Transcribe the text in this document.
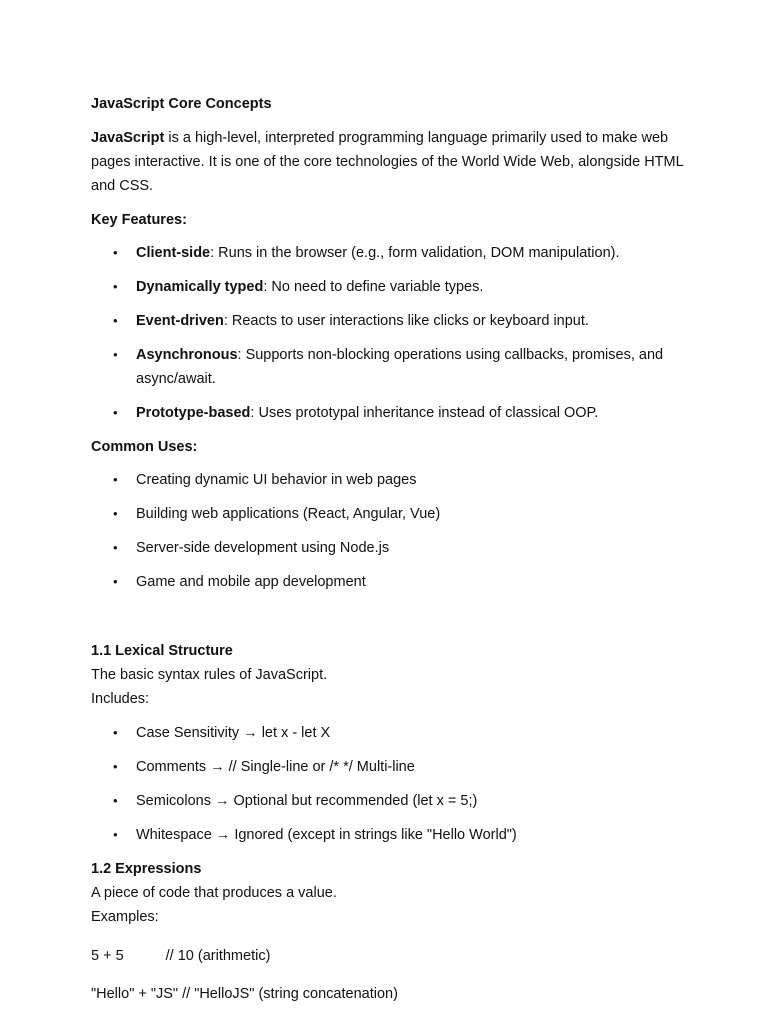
JavaScript Core Concepts

JavaScript is a high-level, interpreted programming language primarily used to make web pages interactive. It is one of the core technologies of the World Wide Web, alongside HTML and CSS.

Key Features:

• Client-side: Runs in the browser (e.g., form validation, DOM manipulation).
• Dynamically typed: No need to define variable types.
• Event-driven: Reacts to user interactions like clicks or keyboard input.
• Asynchronous: Supports non-blocking operations using callbacks, promises, and async/await.
• Prototype-based: Uses prototypal inheritance instead of classical OOP.

Common Uses:

• Creating dynamic UI behavior in web pages
• Building web applications (React, Angular, Vue)
• Server-side development using Node.js
• Game and mobile app development

1.1 Lexical Structure

The basic syntax rules of JavaScript.

Includes:

• Case Sensitivity → let x - let X
• Comments → // Single-line or /* */ Multi-line
• Semicolons → Optional but recommended (let x = 5;)
• Whitespace → Ignored (except in strings like "Hello World")

1.2 Expressions

A piece of code that produces a value.

Examples:

5 + 5	// 10 (arithmetic)

"Hello" + "JS" // "HelloJS" (string concatenation)
